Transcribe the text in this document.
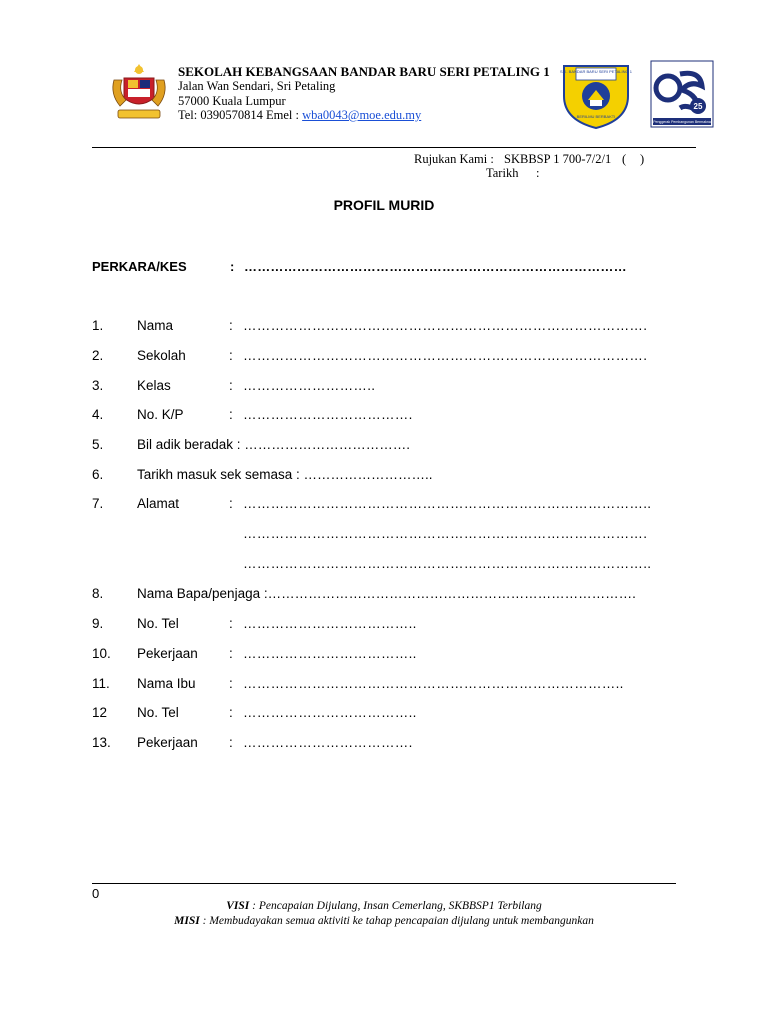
SEKOLAH KEBANGSAAN BANDAR BARU SERI PETALING 1
Jalan Wan Sendari, Sri Petaling
57000 Kuala Lumpur
Tel: 0390570814 Emel : wba0043@moe.edu.my
S.K. BANDAR BARU SERI PETALING 1
BERILMU BERBAKTI
25
Penggerak Pembangunan Bermakna
Rujukan Kami : SKBBSP 1 700-7/2/1 ( )
Tarikh :
PROFIL MURID
PERKARA/KES	: ……………………………………………………………………………
1. Nama	: …………………………………………………………………………….
2. Sekolah	: …………………………………………………………………………….
3. Kelas	: ………………………..
4. No. K/P	: ……………………………….
5. Bil adik beradak : ……………………………….
6. Tarikh masuk sek semasa : ………………………..
7. Alamat	: ……………………………………………………………………………..
…………………………………………………………………………….
……………………………………………………………………………..
8. Nama Bapa/penjaga :……………………………………………………………………….
9. No. Tel	: ………………………………..
10. Pekerjaan : ………………………………..
11. Nama Ibu : ………………………………………………………………………..
12 No. Tel	: ………………………………..
13. Pekerjaan : ……………………………….
0
VISI : Pencapaian Dijulang, Insan Cemerlang, SKBBSP1 Terbilang
MISI : Membudayakan semua aktiviti ke tahap pencapaian dijulang untuk membangunkan
